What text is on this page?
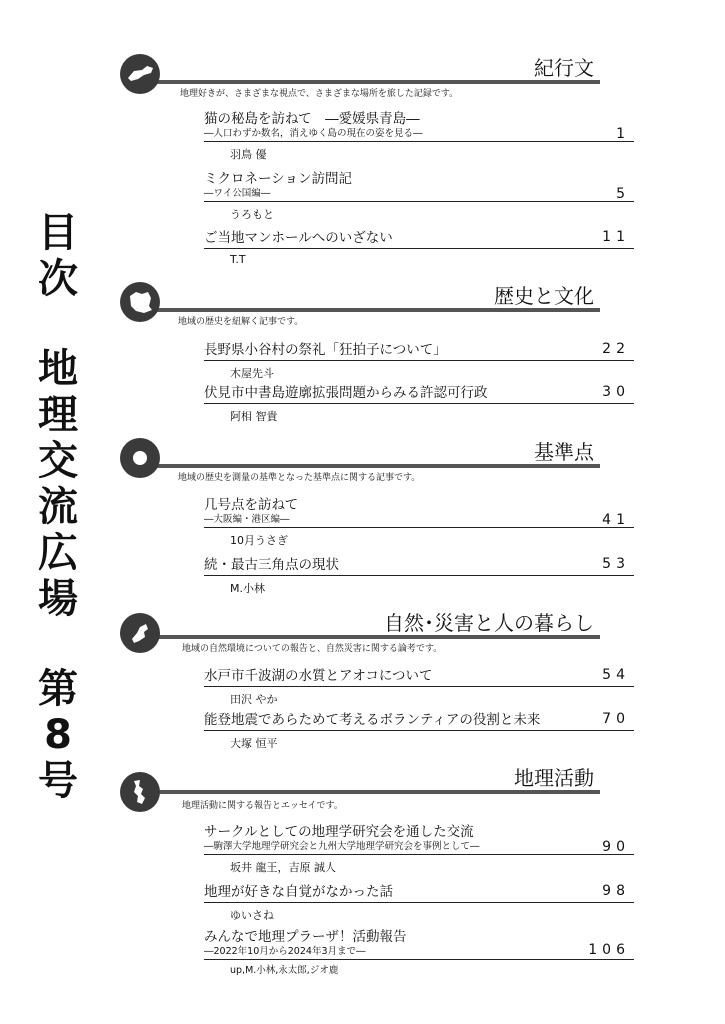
目
次
地
理
交
流
広
場
第
8
号
紀行文
地理好きが、さまざまな視点で、さまざまな場所を旅した記録です。
猫の秘島を訪ねて　―愛媛県青島―
―人口わずか数名，消えゆく島の現在の姿を見る―	1
羽鳥 優
ミクロネーション訪問記
―ワイ公国編―	5
うろもと
ご当地マンホールへのいざない	11
T.T
歴史と文化
地域の歴史を紐解く記事です。
長野県小谷村の祭礼「狂拍子について」	22
木屋先斗
伏見市中書島遊廓拡張問題からみる許認可行政	30
阿相 智貴
基準点
地域の歴史を測量の基準となった基準点に関する記事です。
几号点を訪ねて
―大阪編・港区編―	41
10月うさぎ
続・最古三角点の現状	53
M.小林
自然･災害と人の暮らし
地域の自然環境についての報告と、自然災害に関する論考です。
水戸市千波湖の水質とアオコについて	54
田沢 やか
能登地震であらためて考えるボランティアの役割と未来	70
大塚 恒平
地理活動
地理活動に関する報告とエッセイです。
サークルとしての地理学研究会を通した交流
―駒澤大学地理学研究会と九州大学地理学研究会を事例として―	90
坂井 龍王，吉原 誠人
地理が好きな自覚がなかった話	98
ゆいさね
みんなで地理プラーザ！活動報告
―2022年10月から2024年3月まで―	106
up,M.小林,永太郎,ジオ鹿
